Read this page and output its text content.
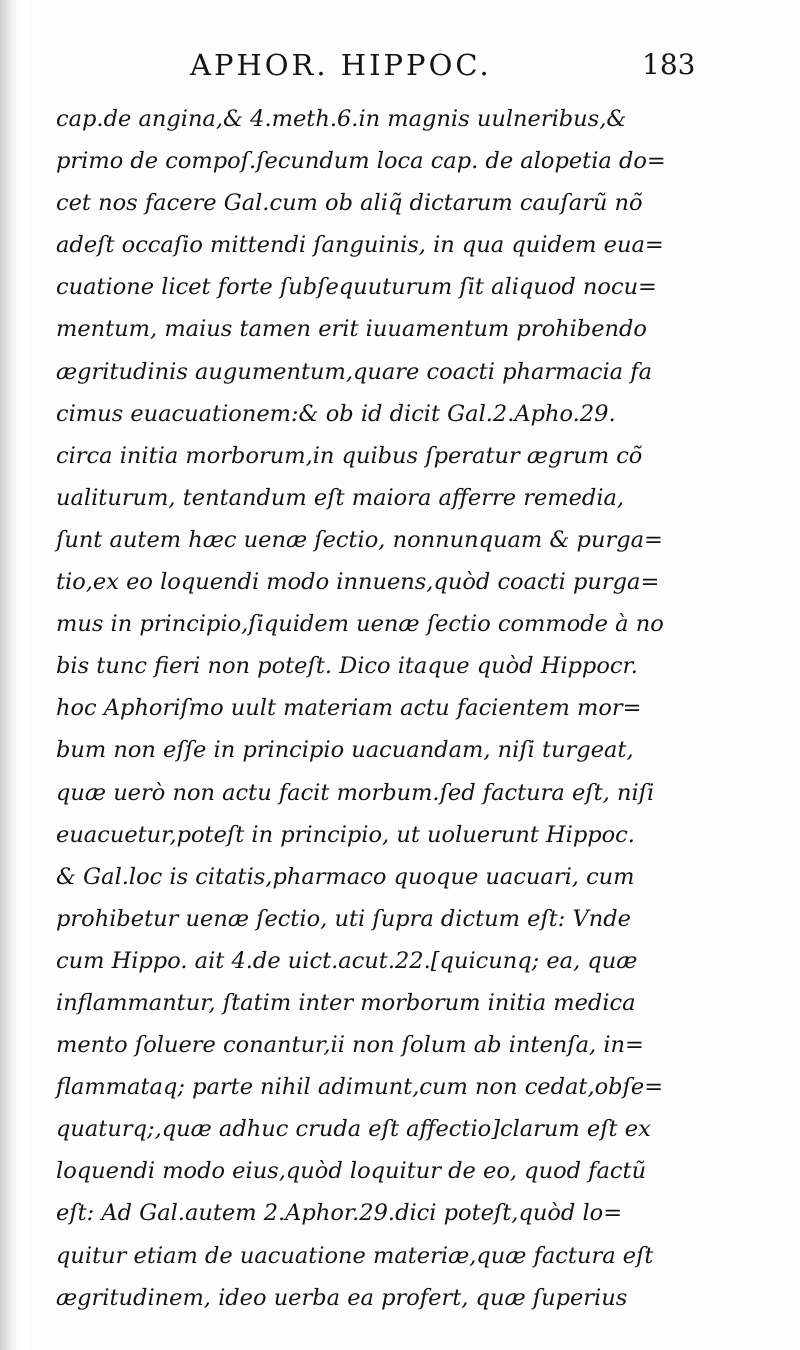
APHOR. HIPPOC.	183
cap.de angina,& 4.meth.6.in magnis uulneribus,&
primo de compoſ.ſecundum loca cap. de alopetia do=
cet nos facere Gal.cum ob aliq̃ dictarum cauſarũ nõ
adeſt occaſio mittendi ſanguinis, in qua quidem eua=
cuatione licet forte ſubſequuturum ſit aliquod nocu=
mentum, maius tamen erit iuuamentum prohibendo
ægritudinis augumentum,quare coacti pharmacia fa
cimus euacuationem:& ob id dicit Gal.2.Apho.29.
circa initia morborum,in quibus ſperatur ægrum cõ
ualiturum, tentandum eſt maiora afferre remedia,
ſunt autem hæc uenæ ſectio, nonnunquam & purga=
tio,ex eo loquendi modo innuens,quòd coacti purga=
mus in principio,ſiquidem uenæ ſectio commode à no
bis tunc fieri non poteſt. Dico itaque quòd Hippocr.
hoc Aphoriſmo uult materiam actu facientem mor=
bum non eſſe in principio uacuandam, niſi turgeat,
quæ uerò non actu facit morbum.ſed factura eſt, niſi
euacuetur,poteſt in principio, ut uoluerunt Hippoc.
& Gal.loc is citatis,pharmaco quoque uacuari, cum
prohibetur uenæ ſectio, uti ſupra dictum eſt: Vnde
cum Hippo. ait 4.de uict.acut.22.[quicunq; ea, quæ
inflammantur, ſtatim inter morborum initia medica
mento ſoluere conantur,ii non ſolum ab intenſa, in=
flammataq; parte nihil adimunt,cum non cedat,obſe=
quaturq;,quæ adhuc cruda eſt affectio]clarum eſt ex
loquendi modo eius,quòd loquitur de eo, quod factũ
eſt: Ad Gal.autem 2.Aphor.29.dici poteſt,quòd lo=
quitur etiam de uacuatione materiæ,quæ factura eſt
ægritudinem, ideo uerba ea profert, quæ ſuperius
